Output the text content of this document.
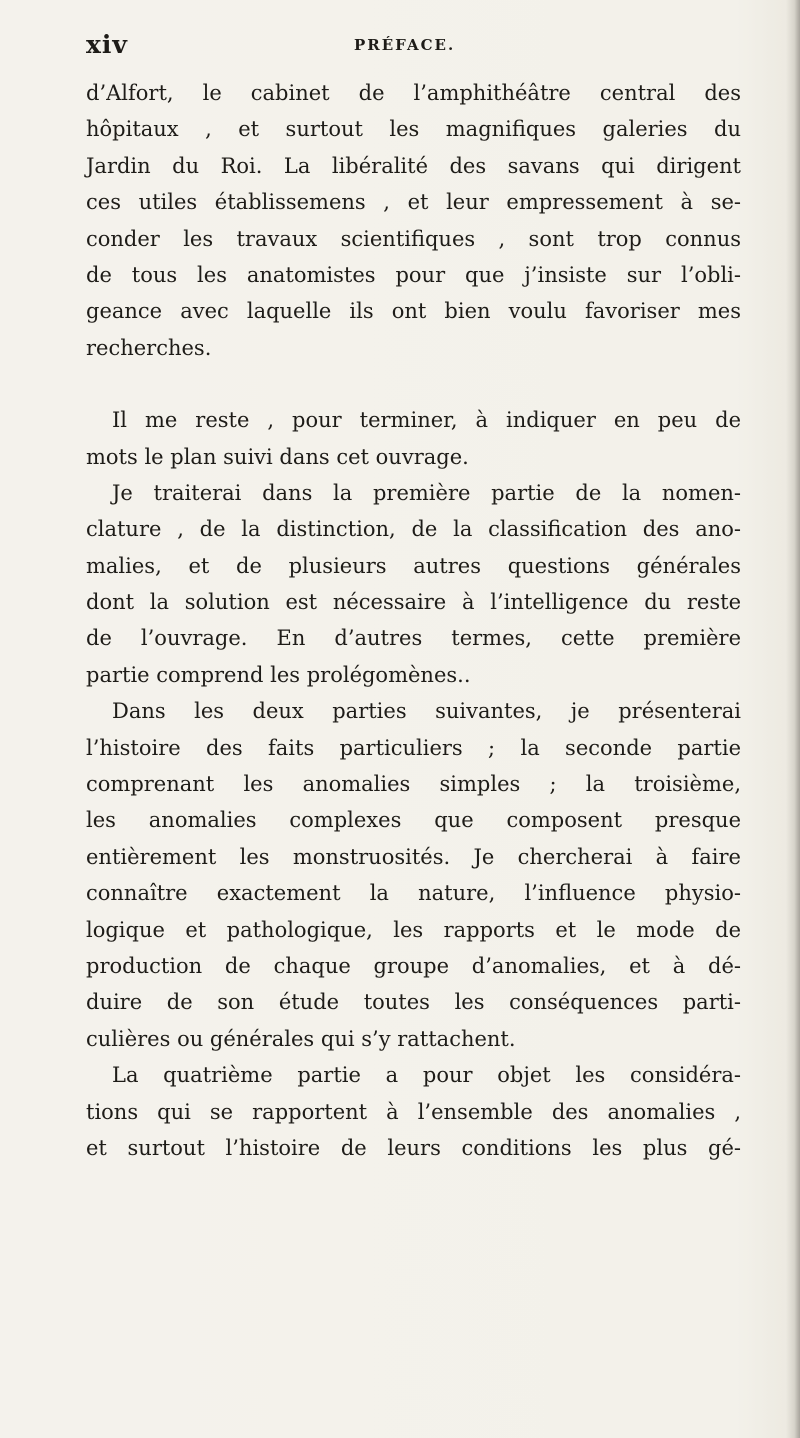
xiv	PRÉFACE.
d’Alfort, le cabinet de l’amphithéâtre central des
hôpitaux , et surtout les magnifiques galeries du
Jardin du Roi. La libéralité des savans qui dirigent
ces utiles établissemens , et leur empressement à se-
conder les travaux scientifiques , sont trop connus
de tous les anatomistes pour que j’insiste sur l’obli-
geance avec laquelle ils ont bien voulu favoriser mes
recherches.
Il me reste , pour terminer, à indiquer en peu de
mots le plan suivi dans cet ouvrage.
Je traiterai dans la première partie de la nomen-
clature , de la distinction, de la classification des ano-
malies, et de plusieurs autres questions générales
dont la solution est nécessaire à l’intelligence du reste
de l’ouvrage. En d’autres termes, cette première
partie comprend les prolégomènes..
Dans les deux parties suivantes, je présenterai
l’histoire des faits particuliers ; la seconde partie
comprenant les anomalies simples ; la troisième,
les anomalies complexes que composent presque
entièrement les monstruosités. Je chercherai à faire
connaître exactement la nature, l’influence physio-
logique et pathologique, les rapports et le mode de
production de chaque groupe d’anomalies, et à dé-
duire de son étude toutes les conséquences parti-
culières ou générales qui s’y rattachent.
La quatrième partie a pour objet les considéra-
tions qui se rapportent à l’ensemble des anomalies ,
et surtout l’histoire de leurs conditions les plus gé-
